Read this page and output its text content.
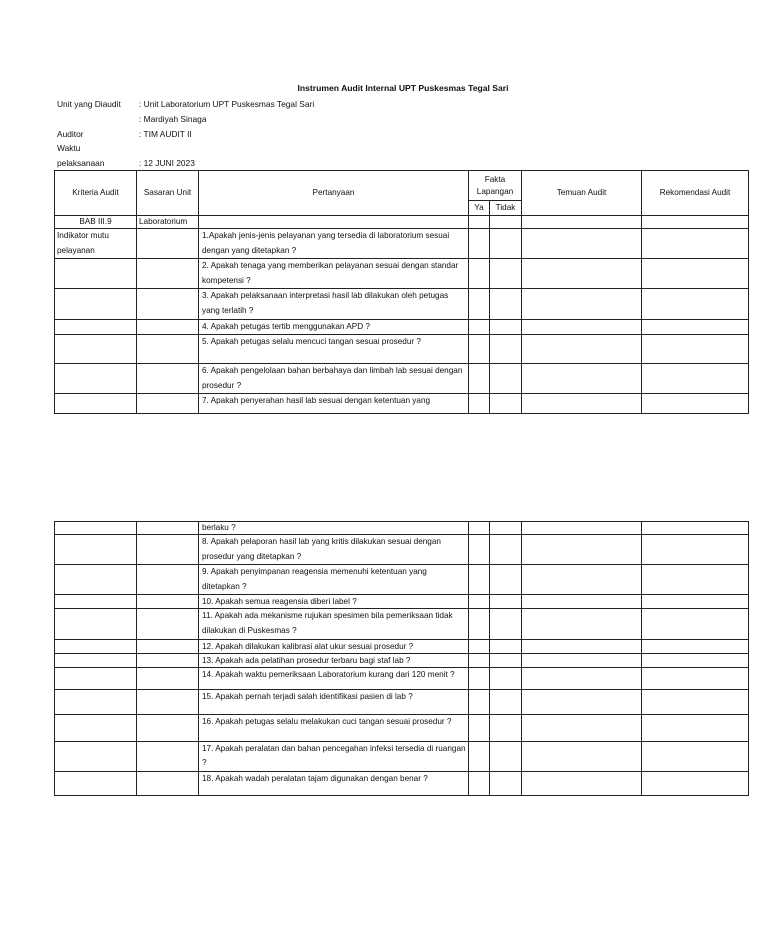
Instrumen Audit Internal UPT Puskesmas Tegal Sari
Unit yang Diaudit : Unit Laboratorium UPT Puskesmas Tegal Sari
: Mardiyah Sinaga
Auditor	: TIM AUDIT II
Waktu
pelaksanaan	: 12 JUNI 2023
Kriteria Audit	Sasaran Unit	Pertanyaan	Fakta Lapangan		Temuan Audit	Rekomendasi Audit
			Ya	Tidak		
BAB III.9	Laboratorium					
Indikator mutu pelayanan		1.Apakah jenis-jenis pelayanan yang tersedia di laboratorium sesuai dengan yang ditetapkan ?				
		2. Apakah tenaga yang memberikan pelayanan sesuai dengan standar kompetensi ?				
		3. Apakah pelaksanaan interpretasi hasil lab dilakukan oleh petugas yang terlatih ?				
		4. Apakah petugas tertib menggunakan APD ?				
		5. Apakah petugas selalu mencuci tangan sesuai prosedur ?				
		6. Apakah pengelolaan bahan berbahaya dan limbah lab sesuai dengan prosedur ?				
		7. Apakah penyerahan hasil lab sesuai dengan ketentuan yang				
		berlaku ?				
		8. Apakah pelaporan hasil lab yang kritis dilakukan sesuai dengan prosedur yang ditetapkan ?				
		9. Apakah penyimpanan reagensia memenuhi ketentuan yang ditetapkan ?				
		10. Apakah semua reagensia diberi label ?				
		11. Apakah ada mekanisme rujukan spesimen bila pemeriksaan tidak dilakukan di Puskesmas ?				
		12. Apakah dilakukan kalibrasi alat ukur sesuai prosedur ?				
		13. Apakah ada pelatihan prosedur terbaru bagi staf lab ?				
		14. Apakah waktu pemeriksaan Laboratorium kurang dari 120 menit ?				
		15. Apakah pernah terjadi salah identifikasi pasien di lab ?				
		16. Apakah petugas selalu melakukan cuci tangan sesuai prosedur ?				
		17. Apakah peralatan dan bahan pencegahan infeksi tersedia di ruangan ?				
		18. Apakah wadah peralatan tajam digunakan dengan benar ?				
